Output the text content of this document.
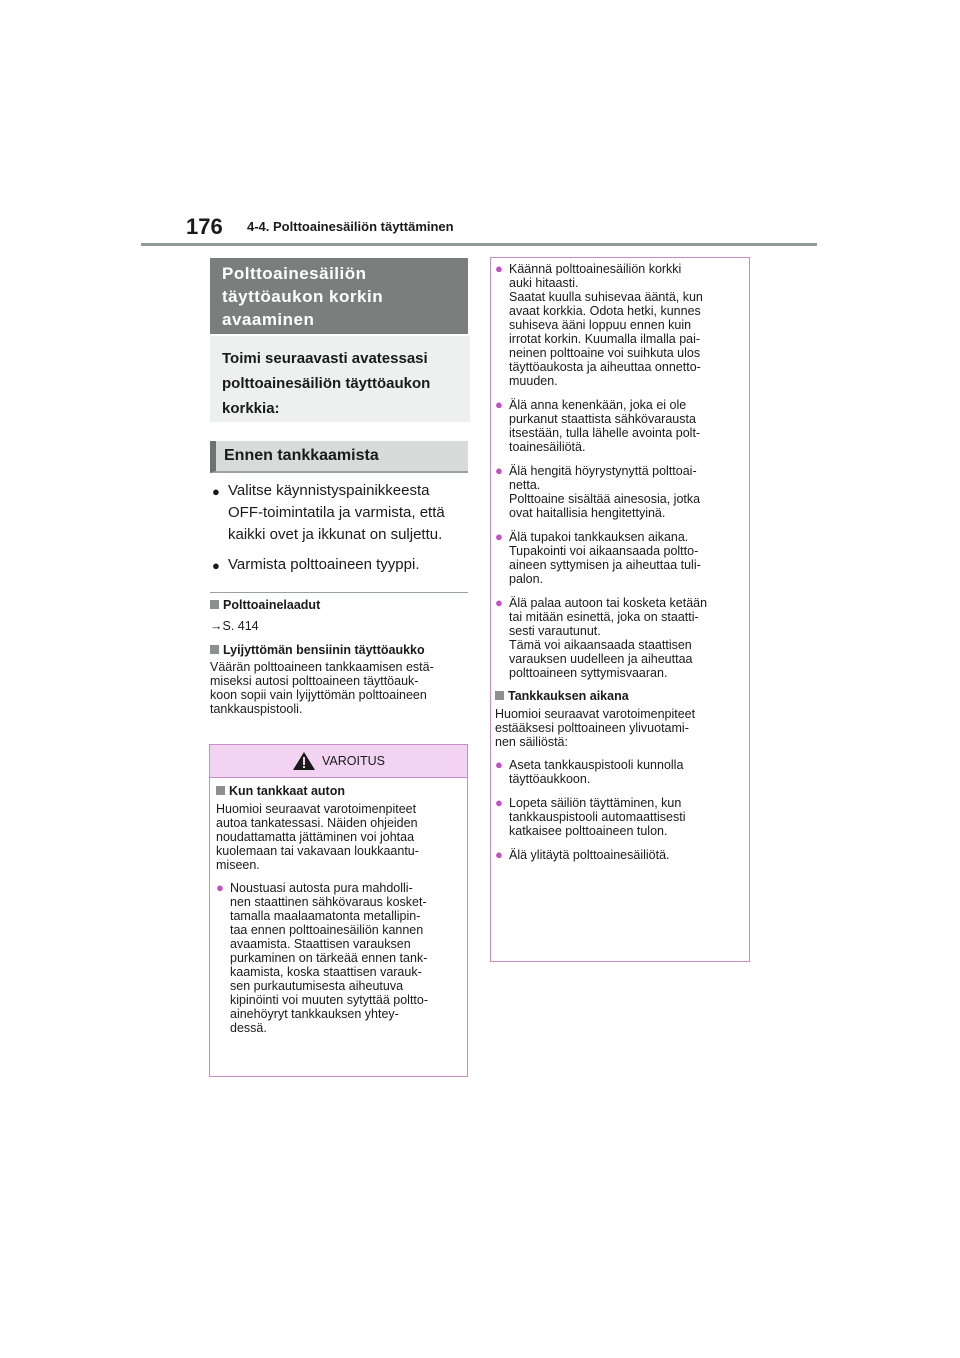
176 4-4. Polttoainesäiliön täyttäminen
Polttoainesäiliön
täyttöaukon korkin
avaaminen
Toimi seuraavasti avatessasi
polttoainesäiliön täyttöaukon
korkkia:
Ennen tankkaamista
● Valitse käynnistyspainikkeesta
OFF-toimintatila ja varmista, että
kaikki ovet ja ikkunat on suljettu.
● Varmista polttoaineen tyyppi.
Polttoainelaadut
→S. 414
Lyijyttömän bensiinin täyttöaukko
Väärän polttoaineen tankkaamisen estä-
miseksi autosi polttoaineen täyttöauk-
koon sopii vain lyijyttömän polttoaineen
tankkauspistooli.
VAROITUS
Kun tankkaat auton
Huomioi seuraavat varotoimenpiteet
autoa tankatessasi. Näiden ohjeiden
noudattamatta jättäminen voi johtaa
kuolemaan tai vakavaan loukkaantu-
miseen.
● Noustuasi autosta pura mahdolli-
nen staattinen sähkövaraus kosket-
tamalla maalaamatonta metallipin-
taa ennen polttoainesäiliön kannen
avaamista. Staattisen varauksen
purkaminen on tärkeää ennen tank-
kaamista, koska staattisen varauk-
sen purkautumisesta aiheutuva
kipinöinti voi muuten sytyttää poltto-
ainehöyryt tankkauksen yhtey-
dessä.
● Käännä polttoainesäiliön korkki
auki hitaasti.
Saatat kuulla suhisevaa ääntä, kun
avaat korkkia. Odota hetki, kunnes
suhiseva ääni loppuu ennen kuin
irrotat korkin. Kuumalla ilmalla pai-
neinen polttoaine voi suihkuta ulos
täyttöaukosta ja aiheuttaa onnetto-
muuden.
● Älä anna kenenkään, joka ei ole
purkanut staattista sähkövarausta
itsestään, tulla lähelle avointa polt-
toainesäiliötä.
● Älä hengitä höyrystynyttä polttoai-
netta.
Polttoaine sisältää ainesosia, jotka
ovat haitallisia hengitettyinä.
● Älä tupakoi tankkauksen aikana.
Tupakointi voi aikaansaada poltto-
aineen syttymisen ja aiheuttaa tuli-
palon.
● Älä palaa autoon tai kosketa ketään
tai mitään esinettä, joka on staatti-
sesti varautunut.
Tämä voi aikaansaada staattisen
varauksen uudelleen ja aiheuttaa
polttoaineen syttymisvaaran.
Tankkauksen aikana
Huomioi seuraavat varotoimenpiteet
estääksesi polttoaineen ylivuotami-
nen säiliöstä:
● Aseta tankkauspistooli kunnolla
täyttöaukkoon.
● Lopeta säiliön täyttäminen, kun
tankkauspistooli automaattisesti
katkaisee polttoaineen tulon.
● Älä ylitäytä polttoainesäiliötä.
carmanualsonline.info
